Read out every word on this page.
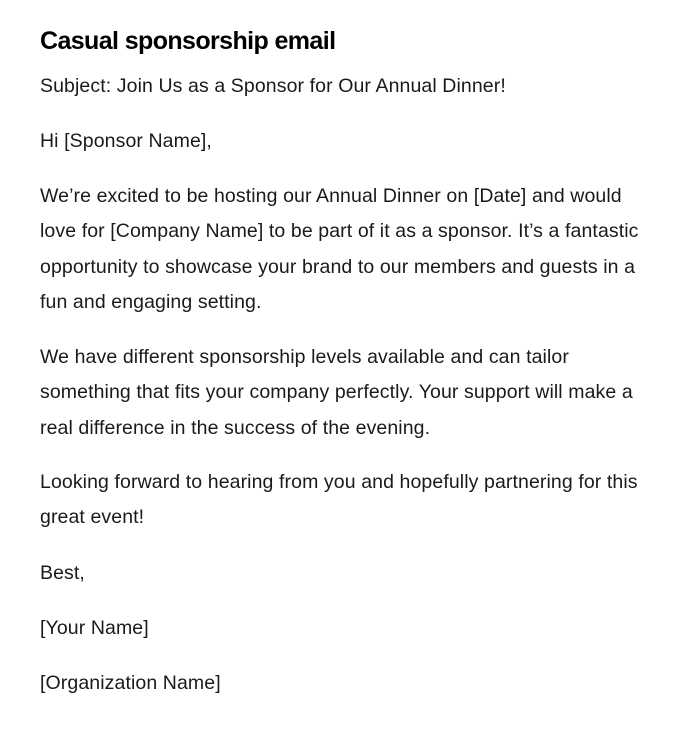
Casual sponsorship email

Subject: Join Us as a Sponsor for Our Annual Dinner!

Hi [Sponsor Name],

We’re excited to be hosting our Annual Dinner on [Date] and would love for [Company Name] to be part of it as a sponsor. It’s a fantastic opportunity to showcase your brand to our members and guests in a fun and engaging setting.

We have different sponsorship levels available and can tailor something that fits your company perfectly. Your support will make a real difference in the success of the evening.

Looking forward to hearing from you and hopefully partnering for this great event!

Best,

[Your Name]

[Organization Name]
